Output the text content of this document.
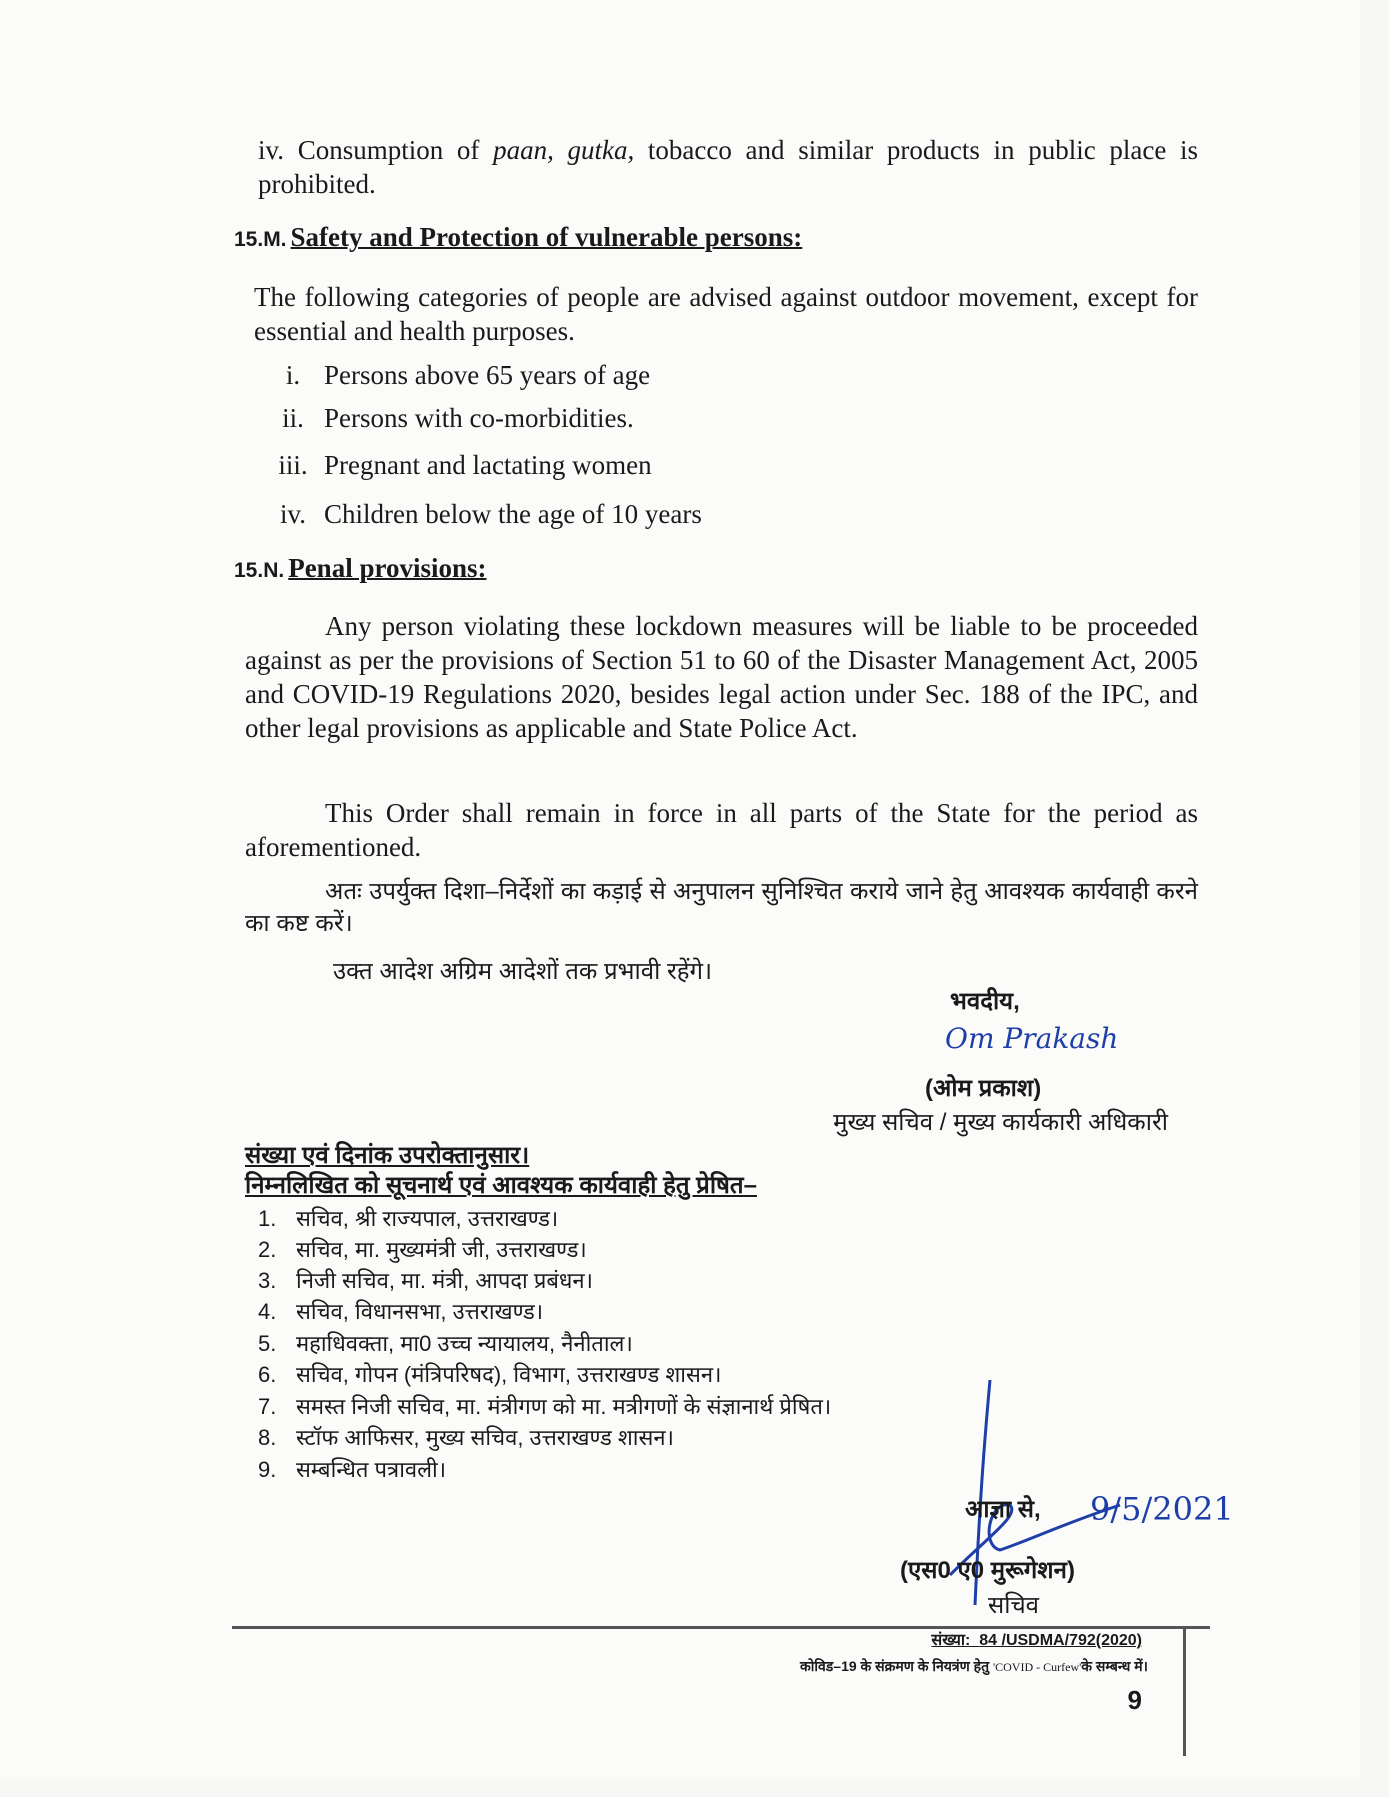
iv. Consumption of paan, gutka, tobacco and similar products in public place is prohibited.
15.M. Safety and Protection of vulnerable persons:
The following categories of people are advised against outdoor movement, except for essential and health purposes.
i. Persons above 65 years of age
ii. Persons with co-morbidities.
iii. Pregnant and lactating women
iv. Children below the age of 10 years
15.N. Penal provisions:
Any person violating these lockdown measures will be liable to be proceeded against as per the provisions of Section 51 to 60 of the Disaster Management Act, 2005 and COVID-19 Regulations 2020, besides legal action under Sec. 188 of the IPC, and other legal provisions as applicable and State Police Act.
This Order shall remain in force in all parts of the State for the period as aforementioned.
अतः उपर्युक्त दिशा–निर्देशों का कड़ाई से अनुपालन सुनिश्चित कराये जाने हेतु आवश्यक कार्यवाही करने का कष्ट करें।
उक्त आदेश अग्रिम आदेशों तक प्रभावी रहेंगे।
भवदीय,
Om Prakash
(ओम प्रकाश)
मुख्य सचिव / मुख्य कार्यकारी अधिकारी
संख्या एवं दिनांक उपरोक्तानुसार।
निम्नलिखित को सूचनार्थ एवं आवश्यक कार्यवाही हेतु प्रेषित–
1. सचिव, श्री राज्यपाल, उत्तराखण्ड।
2. सचिव, मा. मुख्यमंत्री जी, उत्तराखण्ड।
3. निजी सचिव, मा. मंत्री, आपदा प्रबंधन।
4. सचिव, विधानसभा, उत्तराखण्ड।
5. महाधिवक्ता, मा0 उच्च न्यायालय, नैनीताल।
6. सचिव, गोपन (मंत्रिपरिषद), विभाग, उत्तराखण्ड शासन।
7. समस्त निजी सचिव, मा. मंत्रीगण को मा. मत्रीगणों के संज्ञानार्थ प्रेषित।
8. स्टॉफ आफिसर, मुख्य सचिव, उत्तराखण्ड शासन।
9. सम्बन्धित पत्रावली।
आज्ञा से, 9/5/2021
(एस0 ए0 मुरूगेशन)
सचिव
संख्या: 84 /USDMA/792(2020)
कोविड–19 के संक्रमण के नियत्रंण हेतु 'COVID - Curfew'के सम्बन्ध में।
9
